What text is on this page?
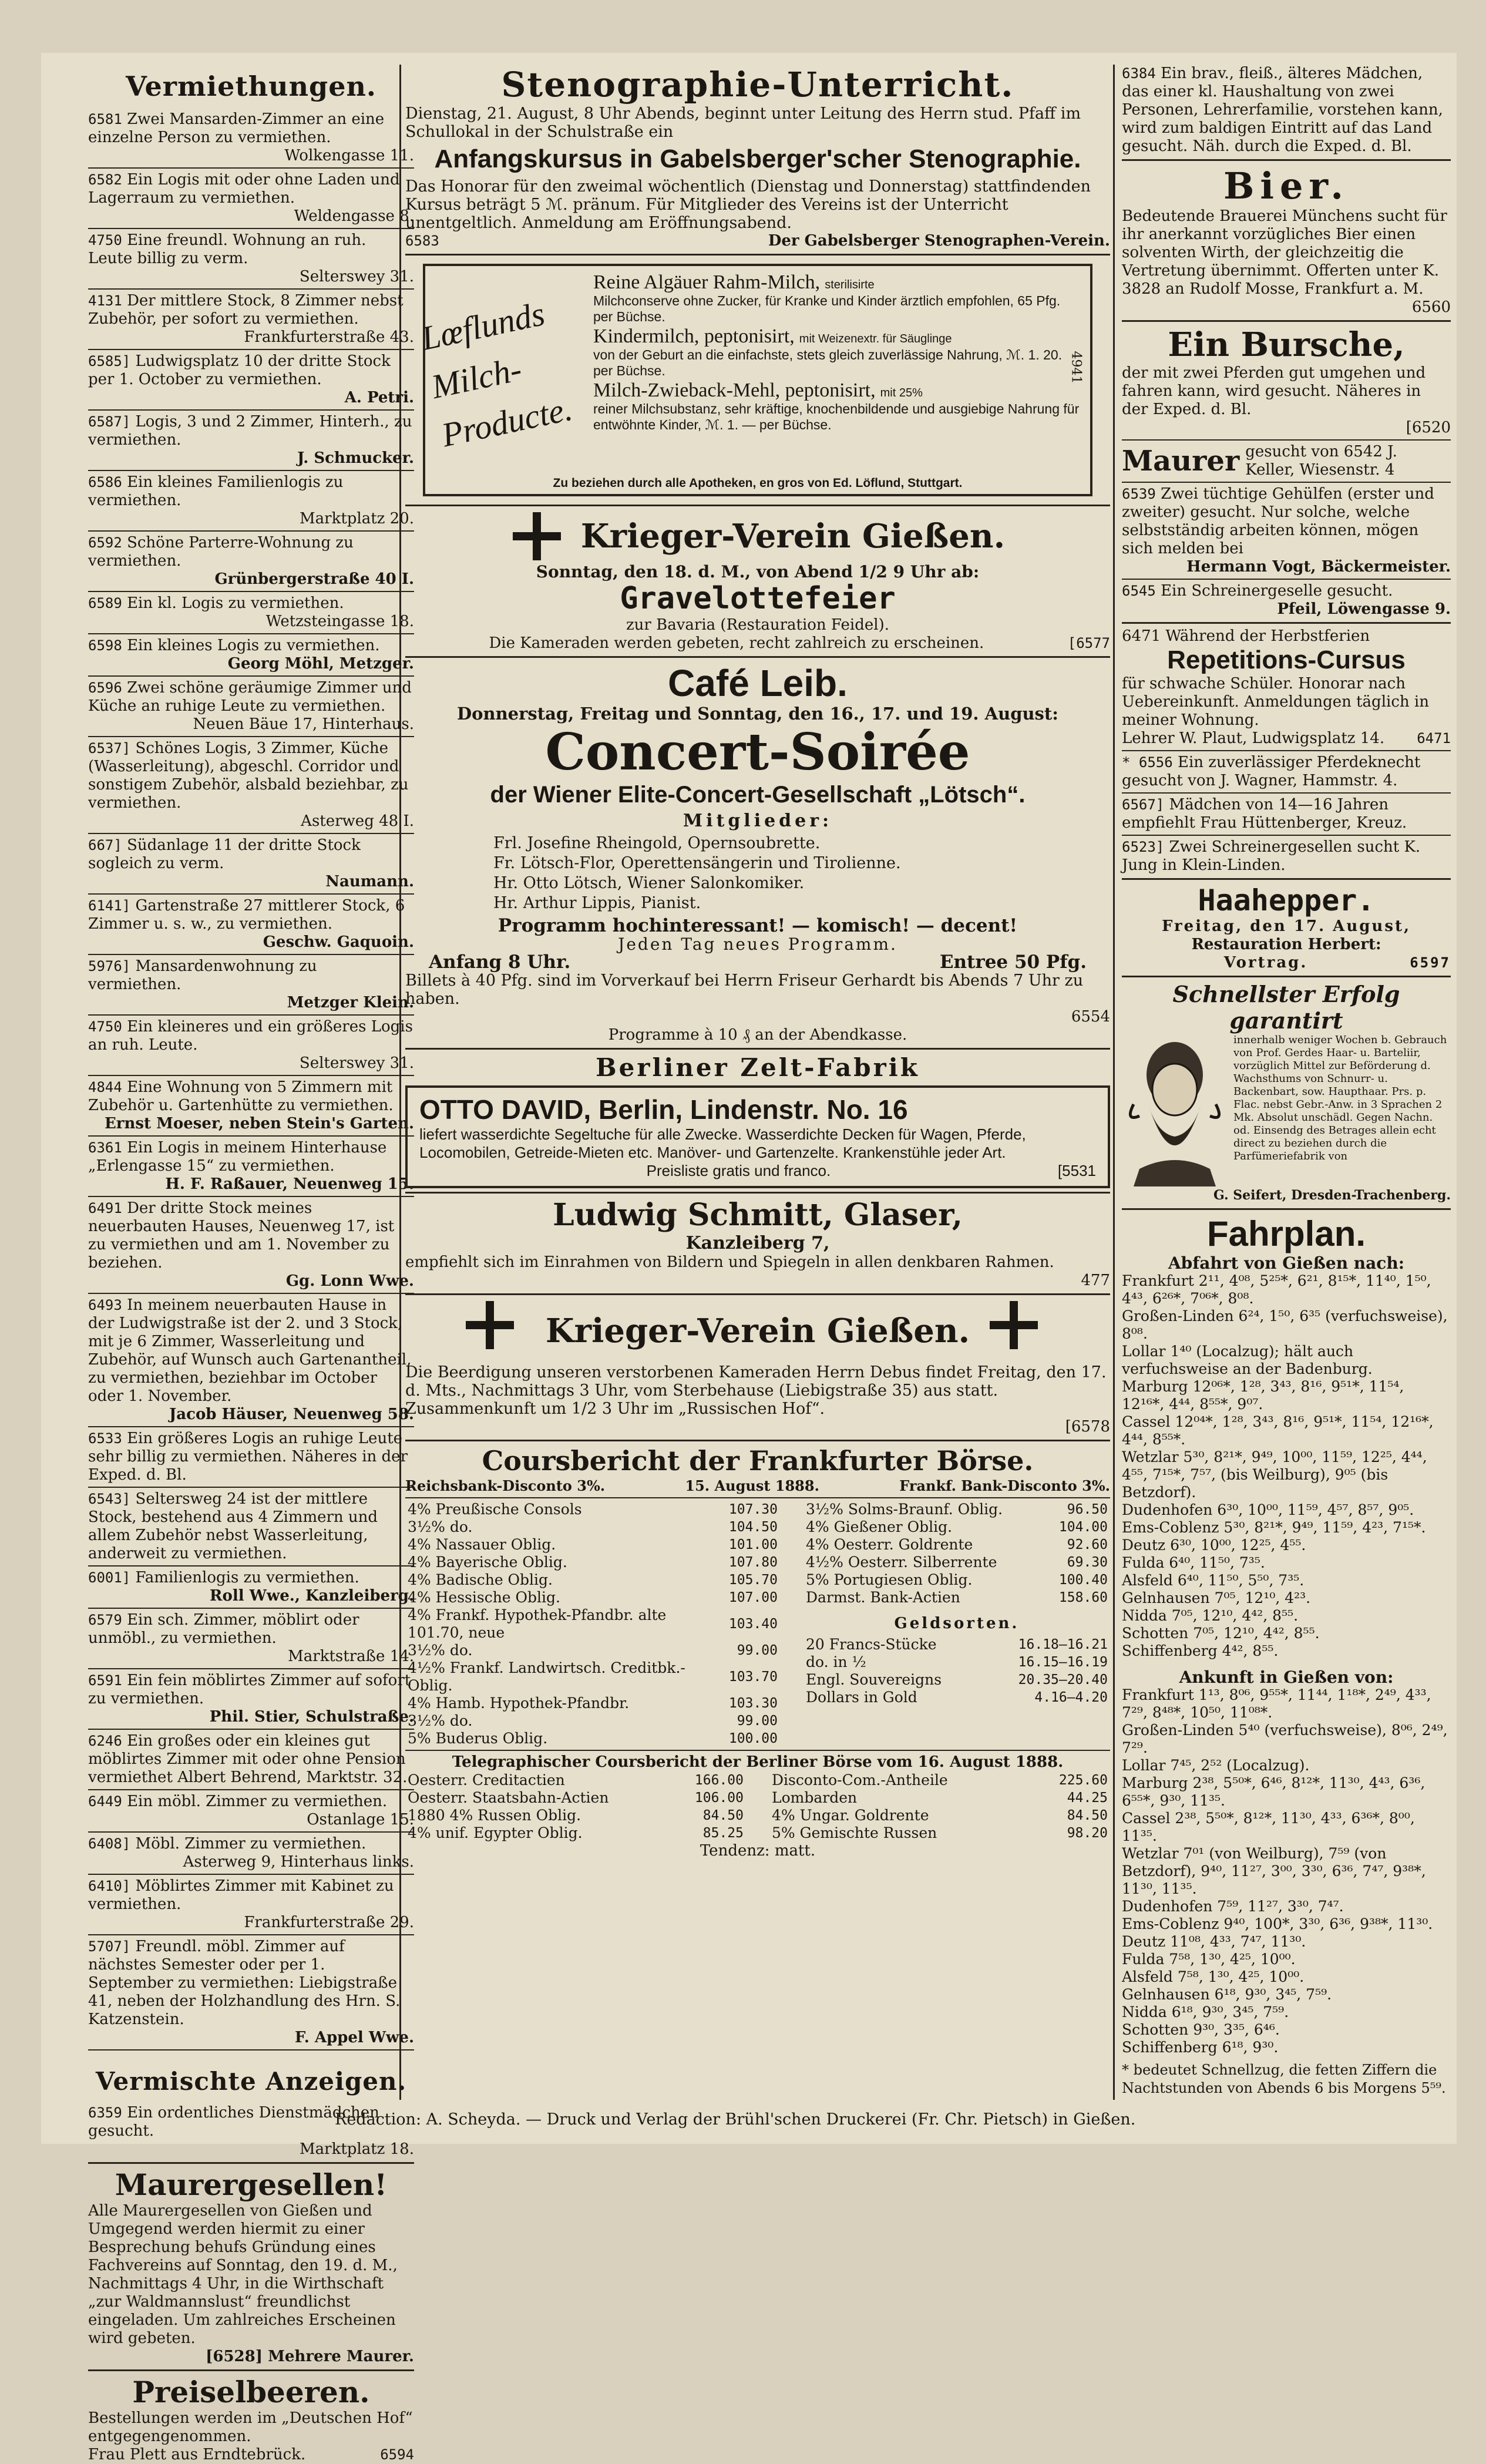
Vermiethungen.

6581 Zwei Mansarden-Zimmer an eine einzelne Person zu vermiethen.
Wolkengasse 11.

6582 Ein Logis mit oder ohne Laden und Lagerraum zu vermiethen.
Weldengasse 8.

4750 Eine freundl. Wohnung an ruh. Leute billig zu verm.
Selterswey 31.

4131 Der mittlere Stock, 8 Zimmer nebst Zubehör, per sofort zu vermiethen.
Frankfurterstraße 43.

6585] Ludwigsplatz 10 der dritte Stock per 1. October zu vermiethen.
A. Petri.

6587] Logis, 3 und 2 Zimmer, Hinterh., zu vermiethen.
J. Schmucker.

6586 Ein kleines Familienlogis zu vermiethen.
Marktplatz 20.

6592 Schöne Parterre-Wohnung zu vermiethen.
Grünbergerstraße 40 I.

6589 Ein kl. Logis zu vermiethen.
Wetzsteingasse 18.

6598 Ein kleines Logis zu vermiethen.
Georg Möhl, Metzger.

6596 Zwei schöne geräumige Zimmer und Küche an ruhige Leute zu vermiethen.
Neuen Bäue 17, Hinterhaus.

6537] Schönes Logis, 3 Zimmer, Küche (Wasserleitung), abgeschl. Corridor und sonstigem Zubehör, alsbald beziehbar, zu vermiethen.
Asterweg 48 I.

667] Südanlage 11 der dritte Stock sogleich zu verm.
Naumann.

6141] Gartenstraße 27 mittlerer Stock, 6 Zimmer u. s. w., zu vermiethen.
Geschw. Gaquoin.

5976] Mansardenwohnung zu vermiethen.
Metzger Klein.

4750 Ein kleineres und ein größeres Logis an ruh. Leute.
Selterswey 31.

4844 Eine Wohnung von 5 Zimmern mit Zubehör u. Gartenhütte zu vermiethen.
Ernst Moeser, neben Stein's Garten.

6361 Ein Logis in meinem Hinterhause „Erlengasse 15“ zu vermiethen.
H. F. Raßauer, Neuenweg 15.

6491 Der dritte Stock meines neuerbauten Hauses, Neuenweg 17, ist zu vermiethen und am 1. November zu beziehen.
Gg. Lonn Wwe.

6493 In meinem neuerbauten Hause in der Ludwigstraße ist der 2. und 3 Stock, mit je 6 Zimmer, Wasserleitung und Zubehör, auf Wunsch auch Gartenantheil, zu vermiethen, beziehbar im October oder 1. November.
Jacob Häuser, Neuenweg 58.

6533 Ein größeres Logis an ruhige Leute sehr billig zu vermiethen. Näheres in der Exped. d. Bl.

6543] Seltersweg 24 ist der mittlere Stock, bestehend aus 4 Zimmern und allem Zubehör nebst Wasserleitung, anderweit zu vermiethen.

6001] Familienlogis zu vermiethen.
Roll Wwe., Kanzleiberg.

6579 Ein sch. Zimmer, möblirt oder unmöbl., zu vermiethen.
Marktstraße 14.

6591 Ein fein möblirtes Zimmer auf sofort zu vermiethen.
Phil. Stier, Schulstraße.

6246 Ein großes oder ein kleines gut möblirtes Zimmer mit oder ohne Pension vermiethet Albert Behrend, Marktstr. 32.

6449 Ein möbl. Zimmer zu vermiethen.
Ostanlage 15.

6408] Möbl. Zimmer zu vermiethen.
Asterweg 9, Hinterhaus links.

6410] Möblirtes Zimmer mit Kabinet zu vermiethen.
Frankfurterstraße 29.

5707] Freundl. möbl. Zimmer auf nächstes Semester oder per 1. September zu vermiethen: Liebigstraße 41, neben der Holzhandlung des Hrn. S. Katzenstein.
F. Appel Wwe.

Vermischte Anzeigen.

6359 Ein ordentliches Dienstmädchen gesucht.
Marktplatz 18.

Maurergesellen!

Alle Maurergesellen von Gießen und Umgegend werden hiermit zu einer Besprechung behufs Gründung eines Fachvereins auf Sonntag, den 19. d. M., Nachmittags 4 Uhr, in die Wirthschaft „zur Waldmannslust“ freundlichst eingeladen. Um zahlreiches Erscheinen wird gebeten.

[6528] Mehrere Maurer.

Preiselbeeren.

Bestellungen werden im „Deutschen Hof“ entgegengenommen.

Frau Plett aus Erndtebrück.	6594

Stenographie-Unterricht.

Dienstag, 21. August, 8 Uhr Abends, beginnt unter Leitung des Herrn stud. Pfaff im Schullokal in der Schulstraße ein

Anfangskursus in Gabelsberger'scher Stenographie.

Das Honorar für den zweimal wöchentlich (Dienstag und Donnerstag) stattfindenden Kursus beträgt 5 ℳ. pränum. Für Mitglieder des Vereins ist der Unterricht unentgeltlich. Anmeldung am Eröffnungsabend.

6583	Der Gabelsberger Stenographen-Verein.

Lœflunds Milch-Producte.
Reine Algäuer Rahm-Milch, sterilisirte
Milchconserve ohne Zucker, für Kranke und Kinder ärztlich empfohlen, 65 Pfg. per Büchse.
Kindermilch, peptonisirt, mit Weizenextr. für Säuglinge
von der Geburt an die einfachste, stets gleich zuverlässige Nahrung, ℳ. 1. 20. per Büchse.
Milch-Zwieback-Mehl, peptonisirt, mit 25%
reiner Milchsubstanz, sehr kräftige, knochenbildende und ausgiebige Nahrung für entwöhnte Kinder, ℳ. 1. — per Büchse.
4941
Zu beziehen durch alle Apotheken, en gros von Ed. Löflund, Stuttgart.
Krieger-Verein Gießen.

Sonntag, den 18. d. M., von Abend 1/2 9 Uhr ab:

Gravelottefeier

zur Bavaria (Restauration Feidel).

Die Kameraden werden gebeten, recht zahlreich zu erscheinen.	[6577

Café Leib.

Donnerstag, Freitag und Sonntag, den 16., 17. und 19. August:

Concert-Soirée
der Wiener Elite-Concert-Gesellschaft „Lötsch“.
Mitglieder:
Frl. Josefine Rheingold, Opernsoubrette.
Fr. Lötsch-Flor, Operettensängerin und Tirolienne.
Hr. Otto Lötsch, Wiener Salonkomiker.
Hr. Arthur Lippis, Pianist.

Programm hochinteressant! — komisch! — decent!

Jeden Tag neues Programm.

Anfang 8 Uhr.	Entree 50 Pfg.

Billets à 40 Pfg. sind im Vorverkauf bei Herrn Friseur Gerhardt bis Abends 7 Uhr zu haben.

6554

Programme à 10 ₰ an der Abendkasse.

Berliner Zelt-Fabrik
OTTO DAVID, Berlin, Lindenstr. No. 16

liefert wasserdichte Segeltuche für alle Zwecke. Wasserdichte Decken für Wagen, Pferde, Locomobilen, Getreide-Mieten etc. Manöver- und Gartenzelte. Krankenstühle jeder Art.

Preisliste gratis und franco.	[5531

Ludwig Schmitt, Glaser,
Kanzleiberg 7,

empfiehlt sich im Einrahmen von Bildern und Spiegeln in allen denkbaren Rahmen.

477

Krieger-Verein Gießen.

Die Beerdigung unseren verstorbenen Kameraden Herrn Debus findet Freitag, den 17. d. Mts., Nachmittags 3 Uhr, vom Sterbehause (Liebigstraße 35) aus statt. Zusammenkunft um 1/2 3 Uhr im „Russischen Hof“.

[6578

Coursbericht der Frankfurter Börse.

Reichsbank-Disconto 3%.	15. August 1888.	Frankf. Bank-Disconto 3%.

4% Preußische Consols	107.30
3½% do.	104.50
4% Nassauer Oblig.	101.00
4% Bayerische Oblig.	107.80
4% Badische Oblig.	105.70
4% Hessische Oblig.	107.00
4% Frankf. Hypothek-Pfandbr. alte 101.70, neue	103.40
3½% do.	99.00
4½% Frankf. Landwirtsch. Creditbk.-Oblig.	103.70
4% Hamb. Hypothek-Pfandbr.	103.30
3½% do.	99.00
5% Buderus Oblig.	100.00
3½% Solms-Braunf. Oblig.	96.50
4% Gießener Oblig.	104.00
4% Oesterr. Goldrente	92.60
4½% Oesterr. Silberrente	69.30
5% Portugiesen Oblig.	100.40
Darmst. Bank-Actien	158.60
Geldsorten.
20 Francs-Stücke	16.18—16.21
do. in ½	16.15—16.19
Engl. Souvereigns	20.35—20.40
Dollars in Gold	4.16—4.20

Telegraphischer Coursbericht der Berliner Börse vom 16. August 1888.

Oesterr. Creditactien	166.00
Oesterr. Staatsbahn-Actien	106.00
1880 4% Russen Oblig.	84.50
4% unif. Egypter Oblig.	85.25
Disconto-Com.-Antheile	225.60
Lombarden	44.25
4% Ungar. Goldrente	84.50
5% Gemischte Russen	98.20

Tendenz: matt.

6384 Ein brav., fleiß., älteres Mädchen, das einer kl. Haushaltung von zwei Personen, Lehrerfamilie, vorstehen kann, wird zum baldigen Eintritt auf das Land gesucht. Näh. durch die Exped. d. Bl.

Bier.

Bedeutende Brauerei Münchens sucht für ihr anerkannt vorzügliches Bier einen solventen Wirth, der gleichzeitig die Vertretung übernimmt. Offerten unter K. 3828 an Rudolf Mosse, Frankfurt a. M.

6560

Ein Bursche,

der mit zwei Pferden gut umgehen und fahren kann, wird gesucht. Näheres in der Exped. d. Bl.

[6520

Maurer gesucht von 6542 J. Keller, Wiesenstr. 4

6539 Zwei tüchtige Gehülfen (erster und zweiter) gesucht. Nur solche, welche selbstständig arbeiten können, mögen sich melden bei
Hermann Vogt, Bäckermeister.

6545 Ein Schreinergeselle gesucht.
Pfeil, Löwengasse 9.

6471 Während der Herbstferien

Repetitions-Cursus

für schwache Schüler. Honorar nach Uebereinkunft. Anmeldungen täglich in meiner Wohnung.

Lehrer W. Plaut, Ludwigsplatz 14. 6471

* 6556 Ein zuverlässiger Pferdeknecht gesucht von J. Wagner, Hammstr. 4.

6567] Mädchen von 14—16 Jahren empfiehlt Frau Hüttenberger, Kreuz.

6523] Zwei Schreinergesellen sucht K. Jung in Klein-Linden.

Haahepper.

Freitag, den 17. August,

Restauration Herbert:

Vortrag.	6597

Schnellster Erfolg garantirt

innerhalb weniger Wochen b. Gebrauch von Prof. Gerdes Haar- u. Barteliir, vorzüglich Mittel zur Beförderung d. Wachsthums von Schnurr- u. Backenbart, sow. Haupthaar. Prs. p. Flac. nebst Gebr.-Anw. in 3 Sprachen 2 Mk. Absolut unschädl. Gegen Nachn. od. Einsendg des Betrages allein echt direct zu beziehen durch die Parfümeriefabrik von

G. Seifert, Dresden-Trachenberg.

Fahrplan.

Abfahrt von Gießen nach:

Frankfurt 2¹¹, 4⁰⁸, 5²⁵*, 6²¹, 8¹⁵*, 11⁴⁰, 1⁵⁰, 4⁴³, 6²⁶*, 7⁰⁶*, 8⁰⁸.

Großen-Linden 6²⁴, 1⁵⁰, 6³⁵ (verfuchsweise), 8⁰⁸.

Lollar 1⁴⁰ (Localzug); hält auch verfuchsweise an der Badenburg.

Marburg 12⁰⁶*, 1²⁸, 3⁴³, 8¹⁶, 9⁵¹*, 11⁵⁴, 12¹⁶*, 4⁴⁴, 8⁵⁵*, 9⁰⁷.

Cassel 12⁰⁴*, 1²⁸, 3⁴³, 8¹⁶, 9⁵¹*, 11⁵⁴, 12¹⁶*, 4⁴⁴, 8⁵⁵*.

Wetzlar 5³⁰, 8²¹*, 9⁴⁹, 10⁰⁰, 11⁵⁹, 12²⁵, 4⁴⁴, 4⁵⁵, 7¹⁵*, 7⁵⁷, (bis Weilburg), 9⁰⁵ (bis Betzdorf).

Dudenhofen 6³⁰, 10⁰⁰, 11⁵⁹, 4⁵⁷, 8⁵⁷, 9⁰⁵.

Ems-Coblenz 5³⁰, 8²¹*, 9⁴⁹, 11⁵⁹, 4²³, 7¹⁵*.

Deutz 6³⁰, 10⁰⁰, 12²⁵, 4⁵⁵.

Fulda 6⁴⁰, 11⁵⁰, 7³⁵.

Alsfeld 6⁴⁰, 11⁵⁰, 5⁵⁰, 7³⁵.

Gelnhausen 7⁰⁵, 12¹⁰, 4²³.

Nidda 7⁰⁵, 12¹⁰, 4⁴², 8⁵⁵.

Schotten 7⁰⁵, 12¹⁰, 4⁴², 8⁵⁵.

Schiffenberg 4⁴², 8⁵⁵.

Ankunft in Gießen von:

Frankfurt 1¹³, 8⁰⁶, 9⁵⁵*, 11⁴⁴, 1¹⁸*, 2⁴⁹, 4³³, 7²⁹, 8⁴⁸*, 10⁵⁰, 11⁰⁸*.

Großen-Linden 5⁴⁰ (verfuchsweise), 8⁰⁶, 2⁴⁹, 7²⁹.

Lollar 7⁴⁵, 2⁵² (Localzug).

Marburg 2³⁸, 5⁵⁰*, 6⁴⁶, 8¹²*, 11³⁰, 4⁴³, 6³⁶, 6⁵⁵*, 9³⁰, 11³⁵.

Cassel 2³⁸, 5⁵⁰*, 8¹²*, 11³⁰, 4³³, 6³⁶*, 8⁰⁰, 11³⁵.

Wetzlar 7⁰¹ (von Weilburg), 7⁵⁹ (von Betzdorf), 9⁴⁰, 11²⁷, 3⁰⁰, 3³⁰, 6³⁶, 7⁴⁷, 9³⁸*, 11³⁰, 11³⁵.

Dudenhofen 7⁵⁹, 11²⁷, 3³⁰, 7⁴⁷.

Ems-Coblenz 9⁴⁰, 100*, 3³⁰, 6³⁶, 9³⁸*, 11³⁰.

Deutz 11⁰⁸, 4³³, 7⁴⁷, 11³⁰.

Fulda 7⁵⁸, 1³⁰, 4²⁵, 10⁰⁰.

Alsfeld 7⁵⁸, 1³⁰, 4²⁵, 10⁰⁰.

Gelnhausen 6¹⁸, 9³⁰, 3⁴⁵, 7⁵⁹.

Nidda 6¹⁸, 9³⁰, 3⁴⁵, 7⁵⁹.

Schotten 9³⁰, 3³⁵, 6⁴⁶.

Schiffenberg 6¹⁸, 9³⁰.

* bedeutet Schnellzug, die fetten Ziffern die Nachtstunden von Abends 6 bis Morgens 5⁵⁹.

Redaction: A. Scheyda. — Druck und Verlag der Brühl'schen Druckerei (Fr. Chr. Pietsch) in Gießen.
